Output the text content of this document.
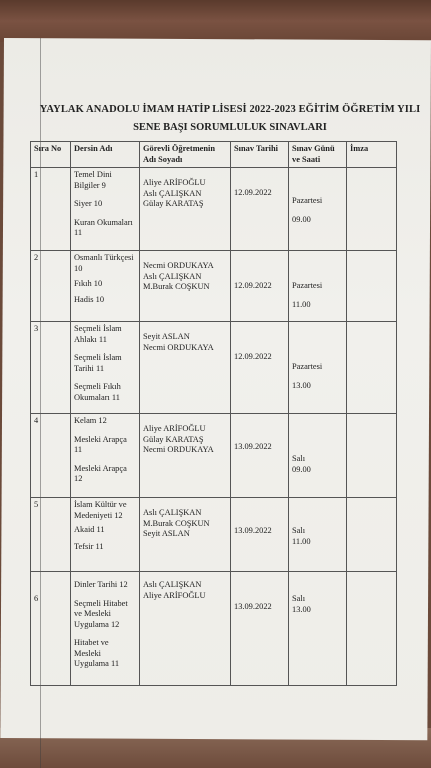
YAYLAK ANADOLU İMAM HATİP LİSESİ 2022-2023 EĞİTİM ÖĞRETİM YILI
SENE BAŞI SORUMLULUK SINAVLARI
Sıra No	Dersin Adı	Görevli Öğretmenin Adı Soyadı	Sınav Tarihi	Sınav Günü ve Saati	İmza
1	Temel Dini Bilgiler 9
Siyer 10
Kuran Okumaları 11	Aliye ARİFOĞLU
Aslı ÇALIŞKAN
Gülay KARATAŞ	12.09.2022	Pazartesi
09.00	

2	Osmanlı Türkçesi 10
Fıkıh 10
Hadis 10	Necmi ORDUKAYA
Aslı ÇALIŞKAN
M.Burak COŞKUN	12.09.2022	Pazartesi
11.00	

3	Seçmeli İslam Ahlakı 11
Seçmeli İslam Tarihi 11
Seçmeli Fıkıh Okumaları 11	Seyit ASLAN
Necmi ORDUKAYA	12.09.2022	Pazartesi
13.00	

4	Kelam 12
Mesleki Arapça 11
Mesleki Arapça 12	Aliye ARİFOĞLU
Gülay KARATAŞ
Necmi ORDUKAYA	13.09.2022	Salı
09.00	

5	İslam Kültür ve Medeniyeti 12
Akaid 11
Tefsir 11	Aslı ÇALIŞKAN
M.Burak COŞKUN
Seyit ASLAN	13.09.2022	Salı
11.00	

6	Dinler Tarihi 12
Seçmeli Hitabet ve Mesleki Uygulama 12
Hitabet ve Mesleki Uygulama 11	Aslı ÇALIŞKAN
Aliye ARİFOĞLU	13.09.2022	Salı
13.00	
